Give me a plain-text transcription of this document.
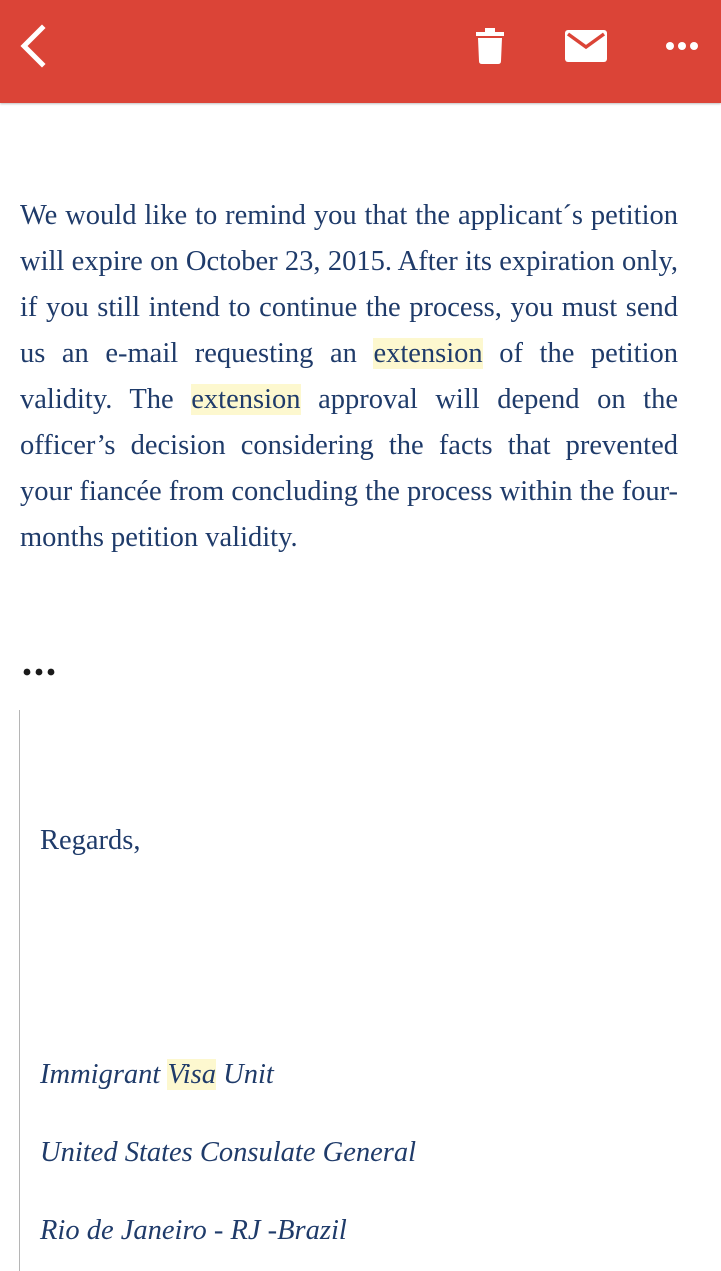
We would like to remind you that the applicant´s petition will expire on October 23, 2015. After its expiration only, if you still intend to continue the process, you must send us an e-mail requesting an extension of the petition validity. The extension approval will depend on the officer’s decision considering the facts that prevented your fiancée from concluding the process within the four-months petition validity.

Regards,

Immigrant Visa Unit

United States Consulate General

Rio de Janeiro - RJ -Brazil
